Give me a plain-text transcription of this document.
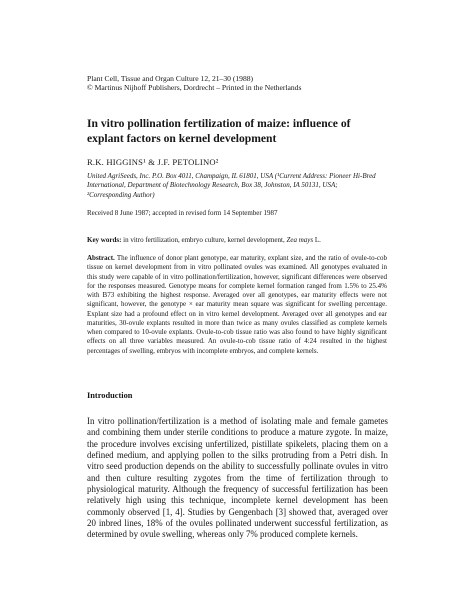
Plant Cell, Tissue and Organ Culture 12, 21–30 (1988)
© Martinus Nijhoff Publishers, Dordrecht – Printed in the Netherlands
In vitro pollination fertilization of maize: influence of explant factors on kernel development
R.K. HIGGINS¹ & J.F. PETOLINO²
United AgriSeeds, Inc. P.O. Box 4011, Champaign, IL 61801, USA (¹Current Address: Pioneer Hi-Bred International, Department of Biotechnology Research, Box 38, Johnston, IA 50131, USA; ²Corresponding Author)
Received 8 June 1987; accepted in revised form 14 September 1987
Key words: in vitro fertilization, embryo culture, kernel development, Zea mays L.
Abstract. The influence of donor plant genotype, ear maturity, explant size, and the ratio of ovule-to-cob tissue on kernel development from in vitro pollinated ovules was examined. All genotypes evaluated in this study were capable of in vitro pollination/fertilization, however, significant differences were observed for the responses measured. Genotype means for complete kernel formation ranged from 1.5% to 25.4% with B73 exhibiting the highest response. Averaged over all genotypes, ear maturity effects were not significant, however, the genotype × ear maturity mean square was significant for swelling percentage. Explant size had a profound effect on in vitro kernel development. Averaged over all genotypes and ear maturities, 30-ovule explants resulted in more than twice as many ovules classified as complete kernels when compared to 10-ovule explants. Ovule-to-cob tissue ratio was also found to have highly significant effects on all three variables measured. An ovule-to-cob tissue ratio of 4:24 resulted in the highest percentages of swelling, embryos with incomplete embryos, and complete kernels.
Introduction
In vitro pollination/fertilization is a method of isolating male and female gametes and combining them under sterile conditions to produce a mature zygote. In maize, the procedure involves excising unfertilized, pistillate spikelets, placing them on a defined medium, and applying pollen to the silks protruding from a Petri dish. In vitro seed production depends on the ability to successfully pollinate ovules in vitro and then culture resulting zygotes from the time of fertilization through to physiological maturity. Although the frequency of successful fertilization has been relatively high using this technique, incomplete kernel development has been commonly observed [1, 4]. Studies by Gengenbach [3] showed that, averaged over 20 inbred lines, 18% of the ovules pollinated underwent successful fertilization, as determined by ovule swelling, whereas only 7% produced complete kernels.
